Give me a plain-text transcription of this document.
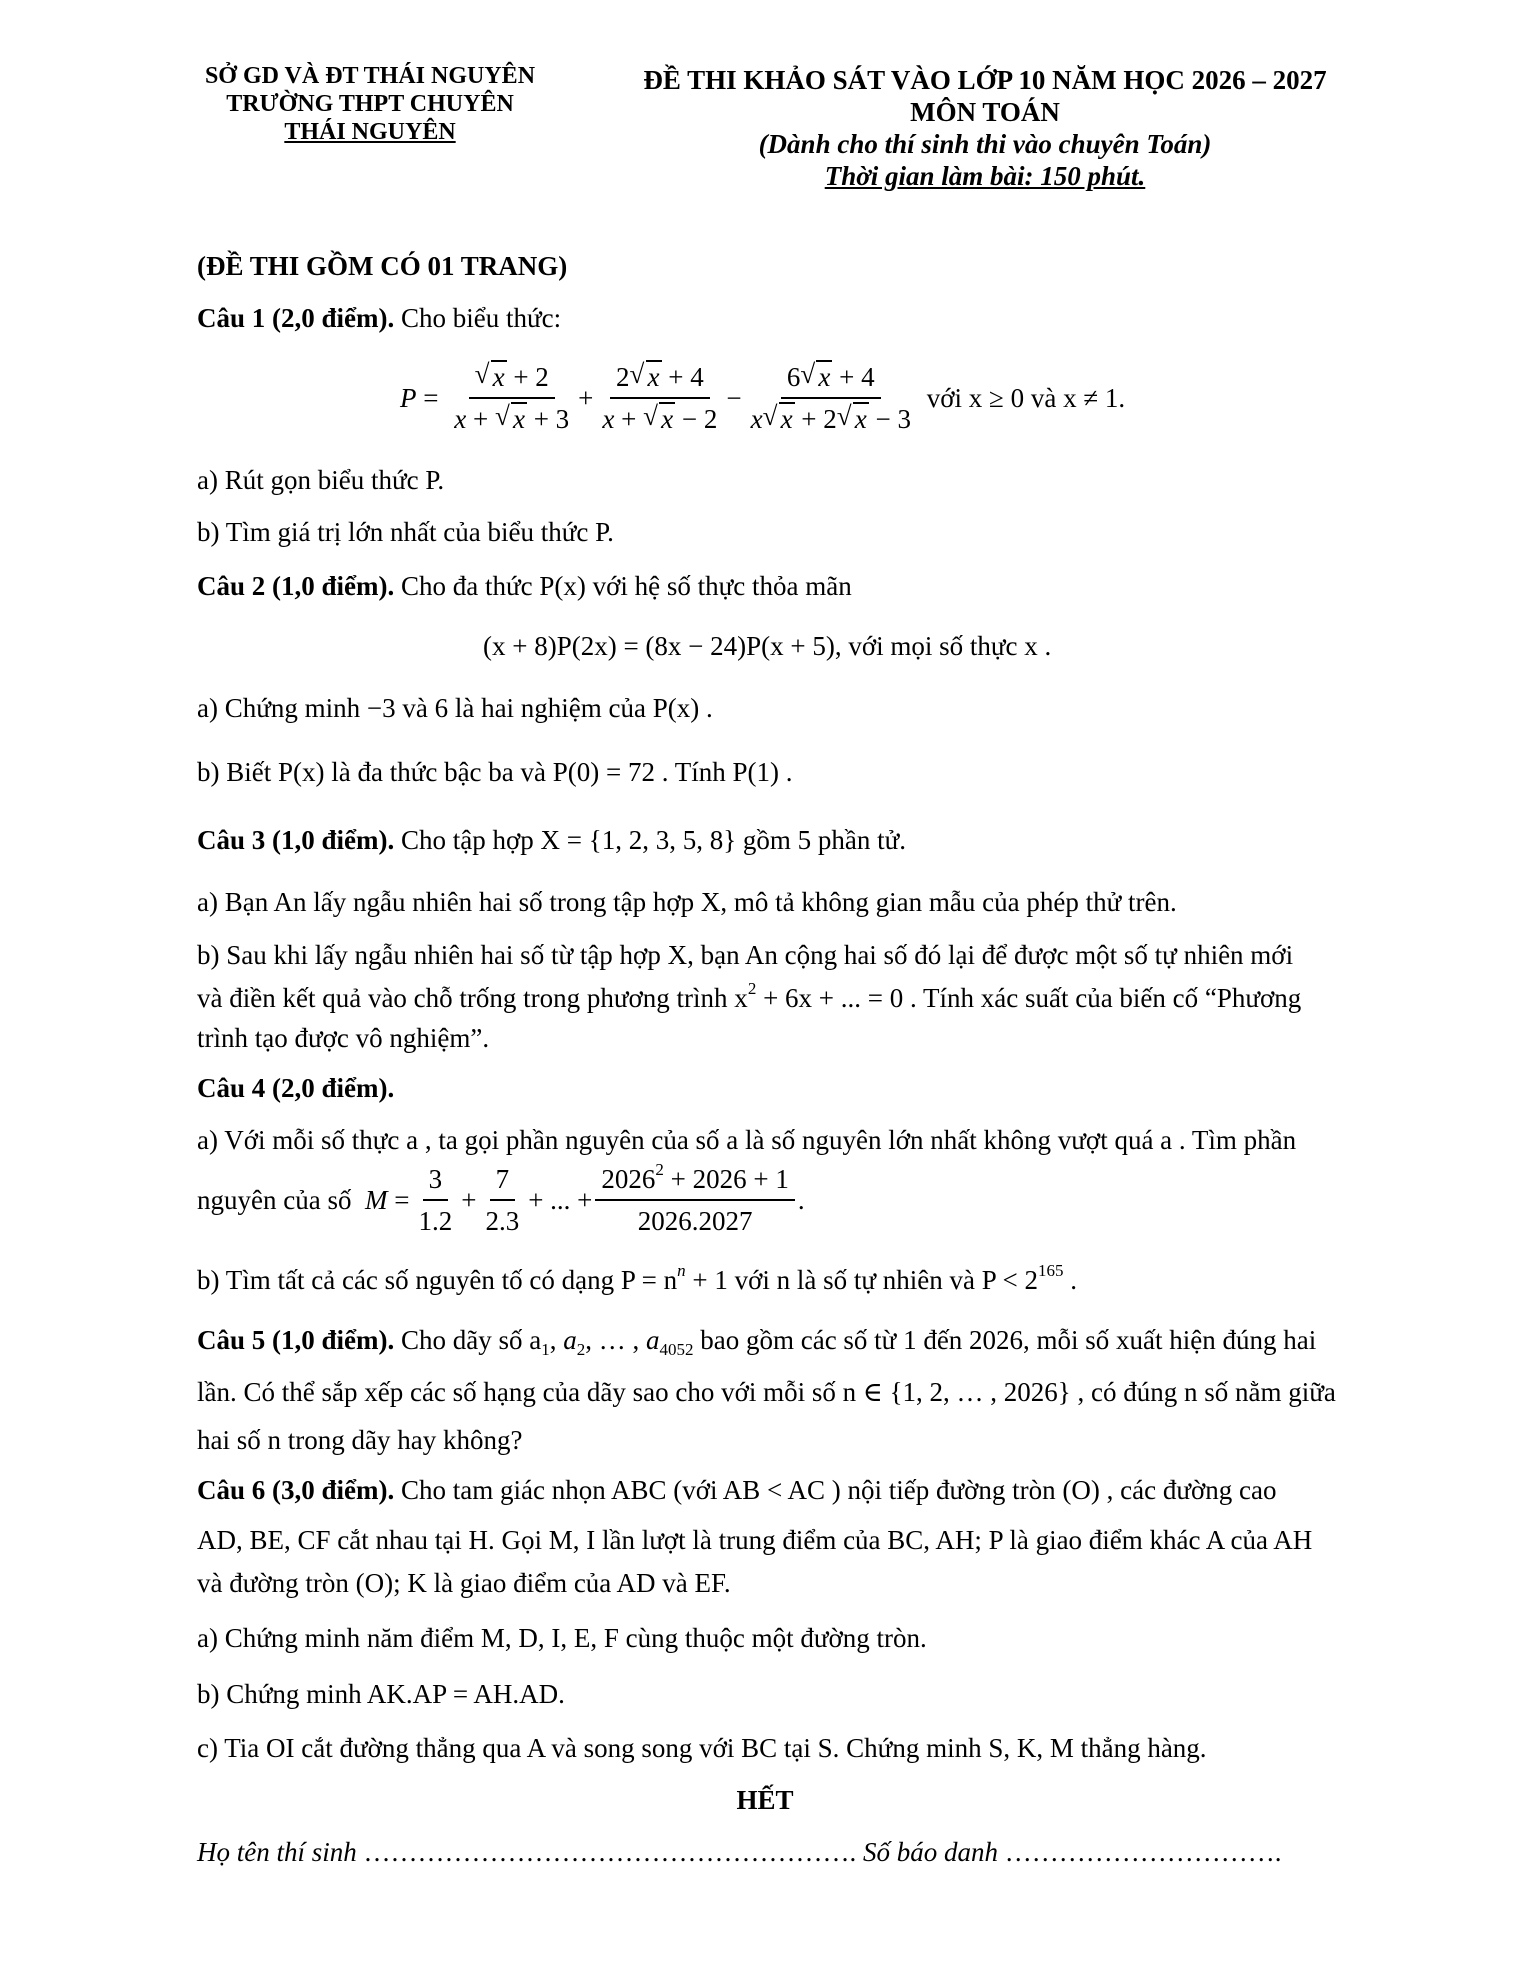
SỞ GD VÀ ĐT THÁI NGUYÊN
TRƯỜNG THPT CHUYÊN
THÁI NGUYÊN
ĐỀ THI KHẢO SÁT VÀO LỚP 10 NĂM HỌC 2026 – 2027
MÔN TOÁN
(Dành cho thí sinh thi vào chuyên Toán)
Thời gian làm bài: 150 phút.
(ĐỀ THI GỒM CÓ 01 TRANG)
Câu 1 (2,0 điểm). Cho biểu thức:
P = √ $\frac{x + 2}{x + √ x + 3} + \frac{2 √ x + 4}{x + √ x - 2} - \frac{6 √ x + 4}{x √ x + 2 √ x - 3}$
với x ≥ 0 và x ≠ 1.
a) Rút gọn biểu thức P.
b) Tìm giá trị lớn nhất của biểu thức P.
Câu 2 (1,0 điểm). Cho đa thức P(x) với hệ số thực thỏa mãn
(x + 8)P(2x) = (8x − 24)P(x + 5), với mọi số thực x .
a) Chứng minh −3 và 6 là hai nghiệm của P(x) .
b) Biết P(x) là đa thức bậc ba và P(0) = 72 . Tính P(1) .
Câu 3 (1,0 điểm). Cho tập hợp X = {1, 2, 3, 5, 8} gồm 5 phần tử.
a) Bạn An lấy ngẫu nhiên hai số trong tập hợp X, mô tả không gian mẫu của phép thử trên.
b) Sau khi lấy ngẫu nhiên hai số từ tập hợp X, bạn An cộng hai số đó lại để được một số tự nhiên mới
và điền kết quả vào chỗ trống trong phương trình $x^2 + 6x$ + ... = 0 . Tính xác suất của biến cố “Phương
trình tạo được vô nghiệm”.
Câu 4 (2,0 điểm).
a) Với mỗi số thực a , ta gọi phần nguyên của số a là số nguyên lớn nhất không vượt quá a . Tìm phần
nguyên của số
$M = \frac{3}{1.2} + \frac{7}{2.3}$ + ... + $\frac{2026^2 + 2026 + 1}{2026.2027}$ .
b) Tìm tất cả các số nguyên tố có dạng $P = n^n + 1$ với n là số tự nhiên và $P < 2^{165}$ .
Câu 5 (1,0 điểm). Cho dãy số $a_1$, $a_2$, … , $a_{4052}$ bao gồm các số từ 1 đến 2026, mỗi số xuất hiện đúng hai
lần. Có thể sắp xếp các số hạng của dãy sao cho với mỗi số n ∈ {1, 2, … , 2026} , có đúng n số nằm giữa
hai số n trong dãy hay không?
Câu 6 (3,0 điểm). Cho tam giác nhọn ABC (với AB < AC ) nội tiếp đường tròn (O) , các đường cao
AD, BE, CF cắt nhau tại H. Gọi M, I lần lượt là trung điểm của BC, AH; P là giao điểm khác A của AH
và đường tròn (O); K là giao điểm của AD và EF.
a) Chứng minh năm điểm M, D, I, E, F cùng thuộc một đường tròn.
b) Chứng minh AK.AP = AH.AD.
c) Tia OI cắt đường thẳng qua A và song song với BC tại S. Chứng minh S, K, M thẳng hàng.
HẾT
Họ tên thí sinh ………………………………………………. Số báo danh ………………………….
